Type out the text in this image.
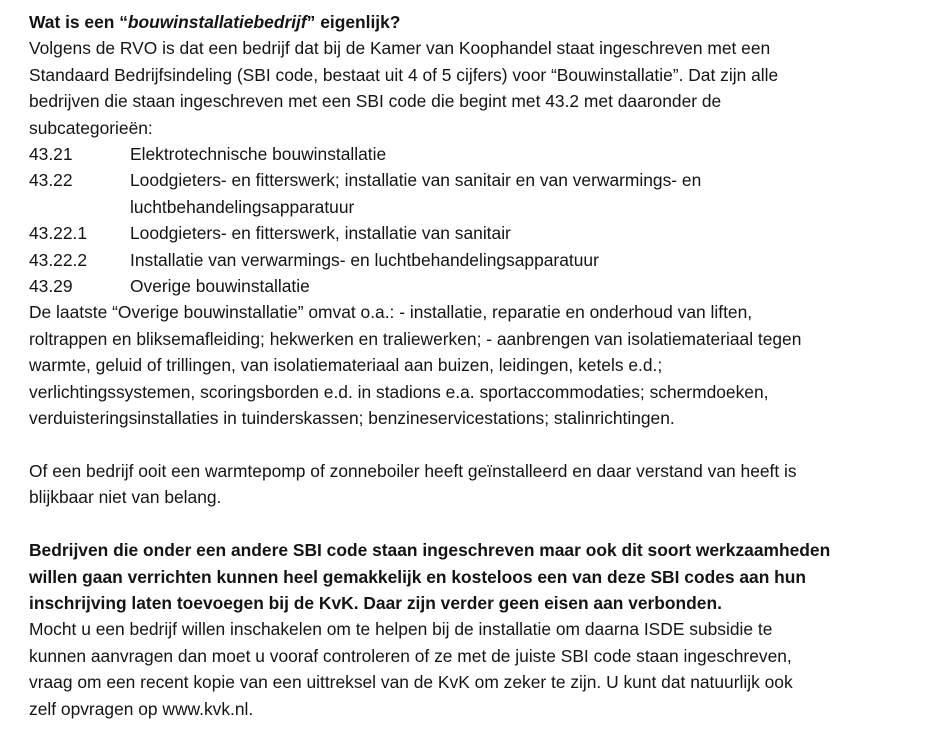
Wat is een “bouwinstallatiebedrijf” eigenlijk?
Volgens de RVO is dat een bedrijf dat bij de Kamer van Koophandel staat ingeschreven met een
Standaard Bedrijfsindeling (SBI code, bestaat uit 4 of 5 cijfers) voor “Bouwinstallatie”. Dat zijn alle
bedrijven die staan ingeschreven met een SBI code die begint met 43.2 met daaronder de
subcategorieën:
43.21	Elektrotechnische bouwinstallatie
43.22	Loodgieters- en fitterswerk; installatie van sanitair en van verwarmings- en
luchtbehandelingsapparatuur
43.22.1	Loodgieters- en fitterswerk, installatie van sanitair
43.22.2	Installatie van verwarmings- en luchtbehandelingsapparatuur
43.29	Overige bouwinstallatie
De laatste “Overige bouwinstallatie” omvat o.a.: - installatie, reparatie en onderhoud van liften,
roltrappen en bliksemafleiding; hekwerken en traliewerken; - aanbrengen van isolatiemateriaal tegen
warmte, geluid of trillingen, van isolatiemateriaal aan buizen, leidingen, ketels e.d.;
verlichtingssystemen, scoringsborden e.d. in stadions e.a. sportaccommodaties; schermdoeken,
verduisteringsinstallaties in tuinderskassen; benzineservicestations; stalinrichtingen.
Of een bedrijf ooit een warmtepomp of zonneboiler heeft geïnstalleerd en daar verstand van heeft is
blijkbaar niet van belang.
Bedrijven die onder een andere SBI code staan ingeschreven maar ook dit soort werkzaamheden
willen gaan verrichten kunnen heel gemakkelijk en kosteloos een van deze SBI codes aan hun
inschrijving laten toevoegen bij de KvK. Daar zijn verder geen eisen aan verbonden.
Mocht u een bedrijf willen inschakelen om te helpen bij de installatie om daarna ISDE subsidie te
kunnen aanvragen dan moet u vooraf controleren of ze met de juiste SBI code staan ingeschreven,
vraag om een recent kopie van een uittreksel van de KvK om zeker te zijn. U kunt dat natuurlijk ook
zelf opvragen op www.kvk.nl.
